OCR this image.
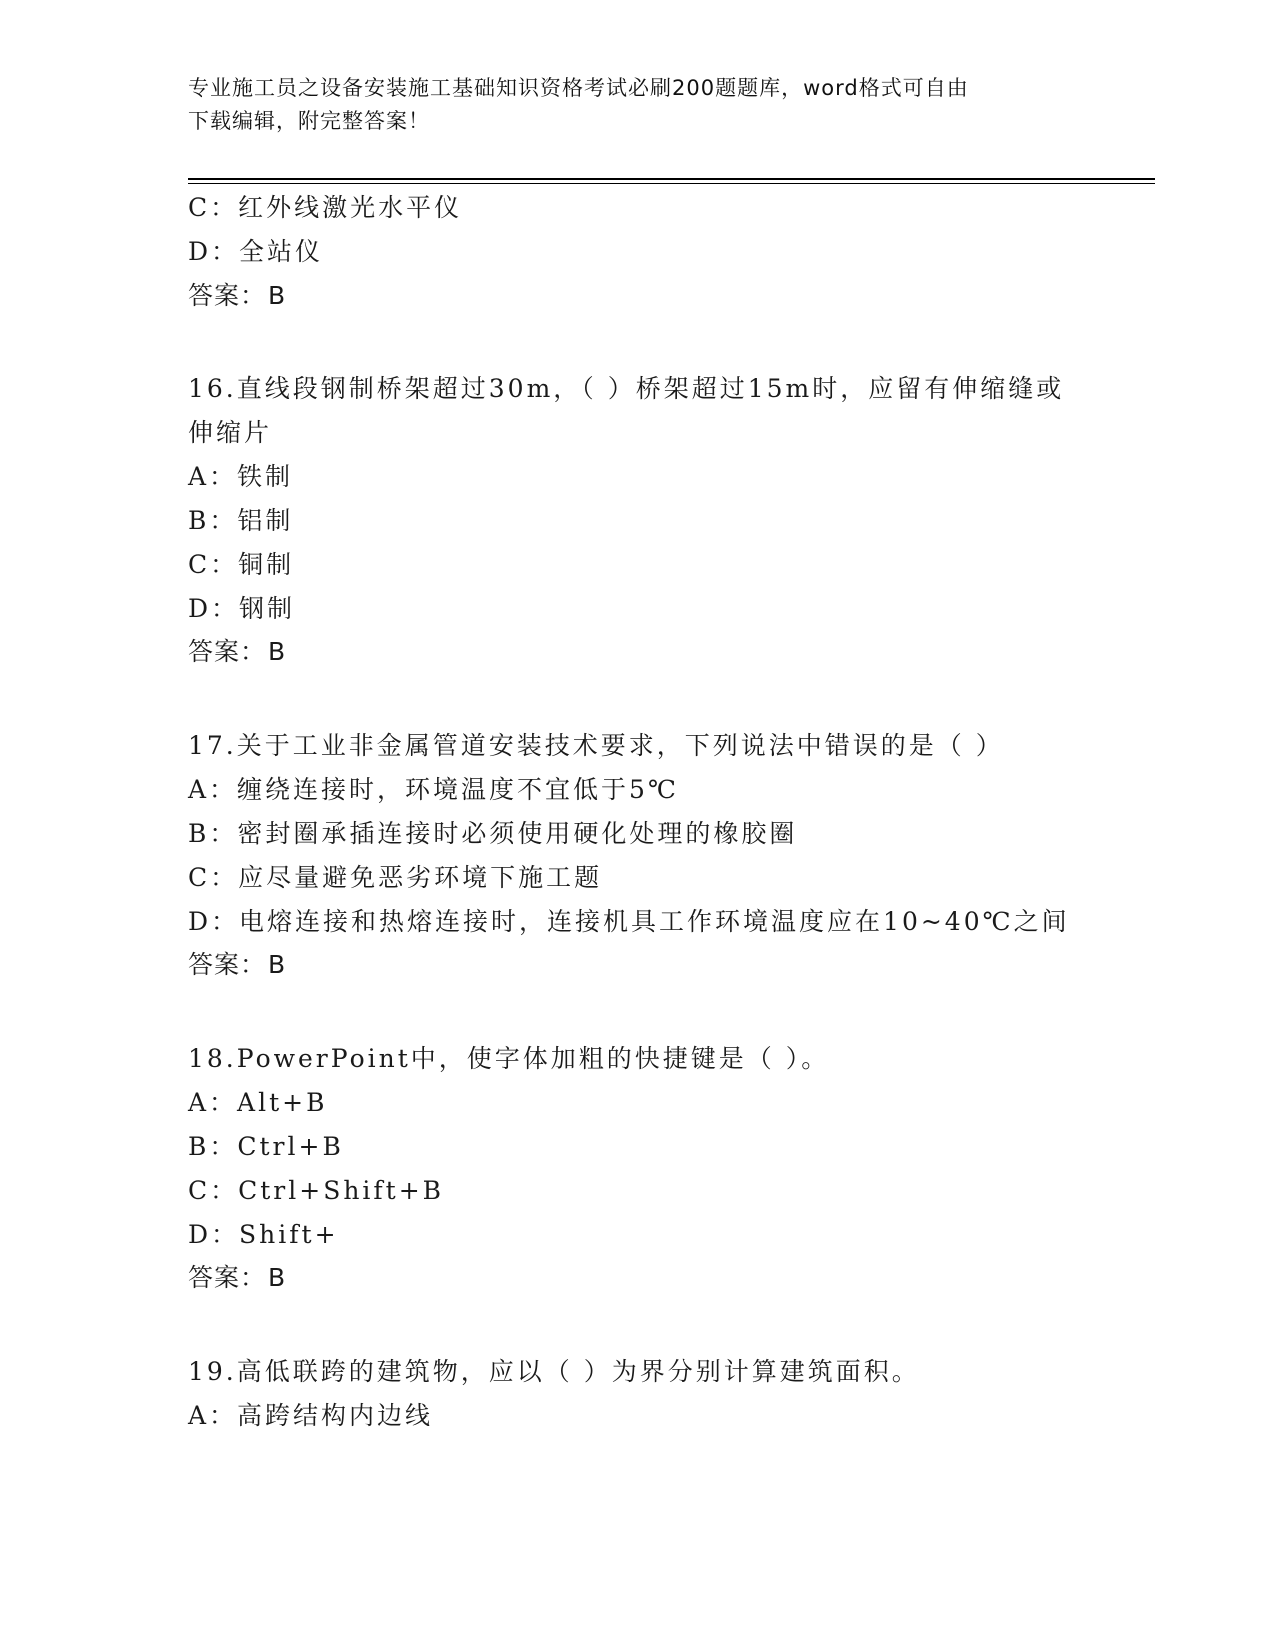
专业施工员之设备安装施工基础知识资格考试必刷200题题库，word格式可自由
下载编辑，附完整答案！
C：红外线激光水平仪
D：全站仪
答案：B
16.直线段钢制桥架超过30m，（ ）桥架超过15m时，应留有伸缩缝或
伸缩片
A：铁制
B：铝制
C：铜制
D：钢制
答案：B
17.关于工业非金属管道安装技术要求，下列说法中错误的是（ ）
A：缠绕连接时，环境温度不宜低于5℃
B：密封圈承插连接时必须使用硬化处理的橡胶圈
C：应尽量避免恶劣环境下施工题
D：电熔连接和热熔连接时，连接机具工作环境温度应在10~40℃之间
答案：B
18.PowerPoint中，使字体加粗的快捷键是（ ）。
A：Alt+B
B：Ctrl+B
C：Ctrl+Shift+B
D：Shift+
答案：B
19.高低联跨的建筑物，应以（ ）为界分别计算建筑面积。
A：高跨结构内边线
